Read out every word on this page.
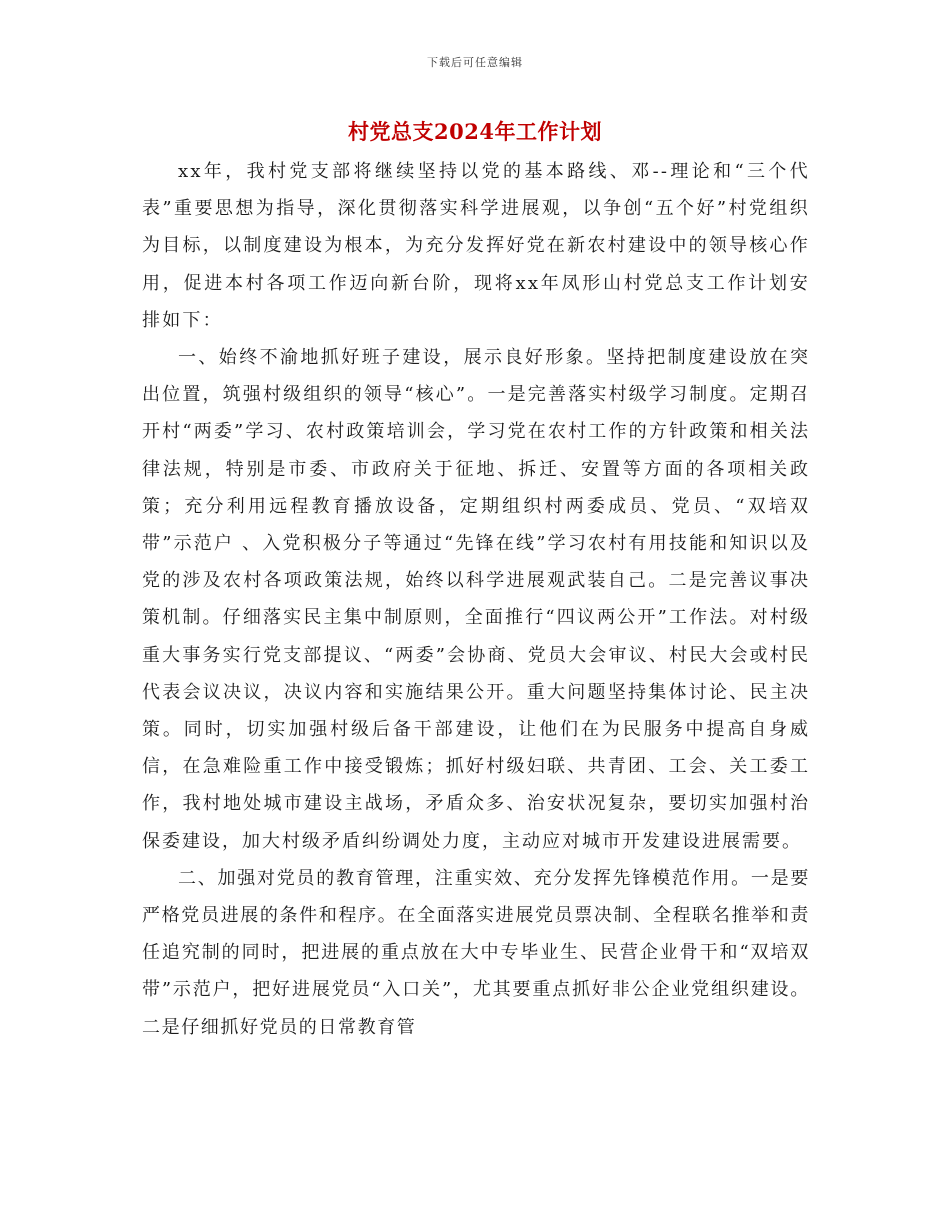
下载后可任意编辑
村党总支2024年工作计划

xx年，我村党支部将继续坚持以党的基本路线、邓--理论和“三个代表”重要思想为指导，深化贯彻落实科学进展观，以争创“五个好”村党组织为目标，以制度建设为根本，为充分发挥好党在新农村建设中的领导核心作用，促进本村各项工作迈向新台阶，现将xx年凤形山村党总支工作计划安排如下：

一、始终不渝地抓好班子建设，展示良好形象。坚持把制度建设放在突出位置，筑强村级组织的领导“核心”。一是完善落实村级学习制度。定期召开村“两委”学习、农村政策培训会，学习党在农村工作的方针政策和相关法律法规，特别是市委、市政府关于征地、拆迁、安置等方面的各项相关政策；充分利用远程教育播放设备，定期组织村两委成员、党员、“双培双带”示范户 、入党积极分子等通过“先锋在线”学习农村有用技能和知识以及党的涉及农村各项政策法规，始终以科学进展观武装自己。二是完善议事决策机制。仔细落实民主集中制原则，全面推行“四议两公开”工作法。对村级重大事务实行党支部提议、“两委”会协商、党员大会审议、村民大会或村民代表会议决议，决议内容和实施结果公开。重大问题坚持集体讨论、民主决策。同时，切实加强村级后备干部建设，让他们在为民服务中提高自身威信，在急难险重工作中接受锻炼；抓好村级妇联、共青团、工会、关工委工作，我村地处城市建设主战场，矛盾众多、治安状况复杂，要切实加强村治保委建设，加大村级矛盾纠纷调处力度，主动应对城市开发建设进展需要。

二、加强对党员的教育管理，注重实效、充分发挥先锋模范作用。一是要严格党员进展的条件和程序。在全面落实进展党员票决制、全程联名推举和责任追究制的同时，把进展的重点放在大中专毕业生、民营企业骨干和“双培双带”示范户，把好进展党员“入口关”，尤其要重点抓好非公企业党组织建设。二是仔细抓好党员的日常教育管
